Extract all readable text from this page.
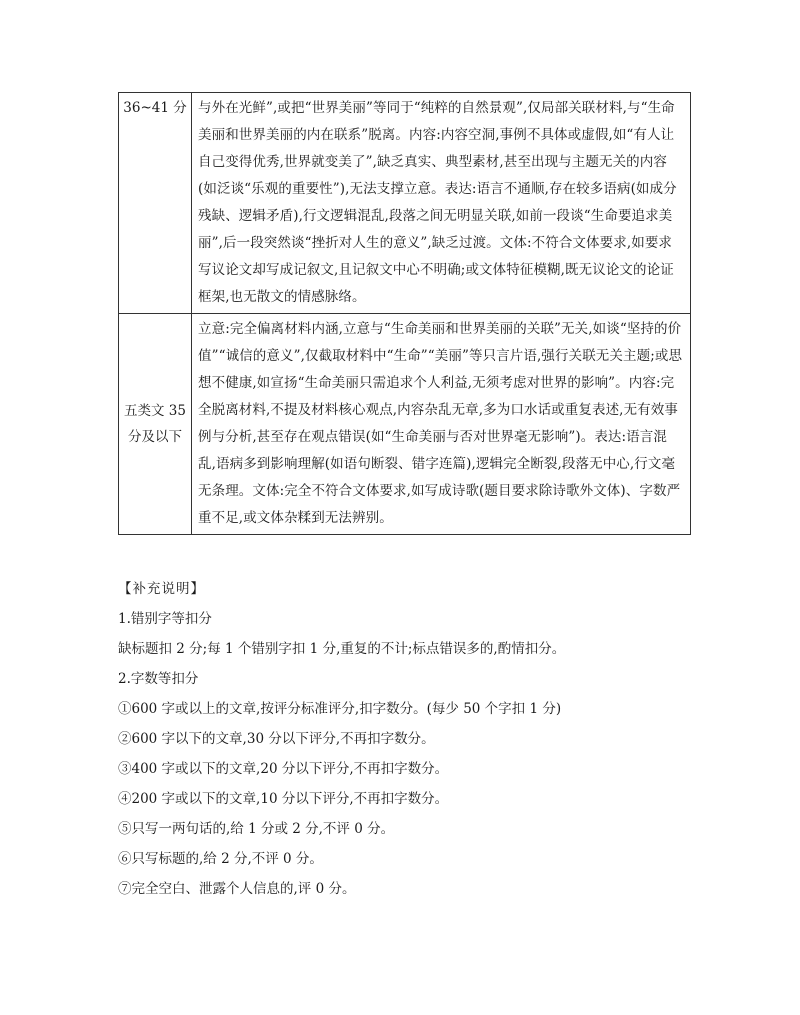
36~41 分	与外在光鲜”,或把“世界美丽”等同于“纯粹的自然景观”,仅局部关联材料,与“生命美丽和世界美丽的内在联系”脱离。内容:内容空洞,事例不具体或虚假,如“有人让自己变得优秀,世界就变美了”,缺乏真实、典型素材,甚至出现与主题无关的内容(如泛谈“乐观的重要性”),无法支撑立意。表达:语言不通顺,存在较多语病(如成分残缺、逻辑矛盾),行文逻辑混乱,段落之间无明显关联,如前一段谈“生命要追求美丽”,后一段突然谈“挫折对人生的意义”,缺乏过渡。文体:不符合文体要求,如要求写议论文却写成记叙文,且记叙文中心不明确;或文体特征模糊,既无议论文的论证框架,也无散文的情感脉络。
五类文 35 分及以下	立意:完全偏离材料内涵,立意与“生命美丽和世界美丽的关联”无关,如谈“坚持的价值”“诚信的意义”,仅截取材料中“生命”“美丽”等只言片语,强行关联无关主题;或思想不健康,如宣扬“生命美丽只需追求个人利益,无须考虑对世界的影响”。内容:完全脱离材料,不提及材料核心观点,内容杂乱无章,多为口水话或重复表述,无有效事例与分析,甚至存在观点错误(如“生命美丽与否对世界毫无影响”)。表达:语言混乱,语病多到影响理解(如语句断裂、错字连篇),逻辑完全断裂,段落无中心,行文毫无条理。文体:完全不符合文体要求,如写成诗歌(题目要求除诗歌外文体)、字数严重不足,或文体杂糅到无法辨别。
【补充说明】
1.错别字等扣分
缺标题扣 2 分;每 1 个错别字扣 1 分,重复的不计;标点错误多的,酌情扣分。
2.字数等扣分
①600 字或以上的文章,按评分标准评分,扣字数分。(每少 50 个字扣 1 分)
②600 字以下的文章,30 分以下评分,不再扣字数分。
③400 字或以下的文章,20 分以下评分,不再扣字数分。
④200 字或以下的文章,10 分以下评分,不再扣字数分。
⑤只写一两句话的,给 1 分或 2 分,不评 0 分。
⑥只写标题的,给 2 分,不评 0 分。
⑦完全空白、泄露个人信息的,评 0 分。
